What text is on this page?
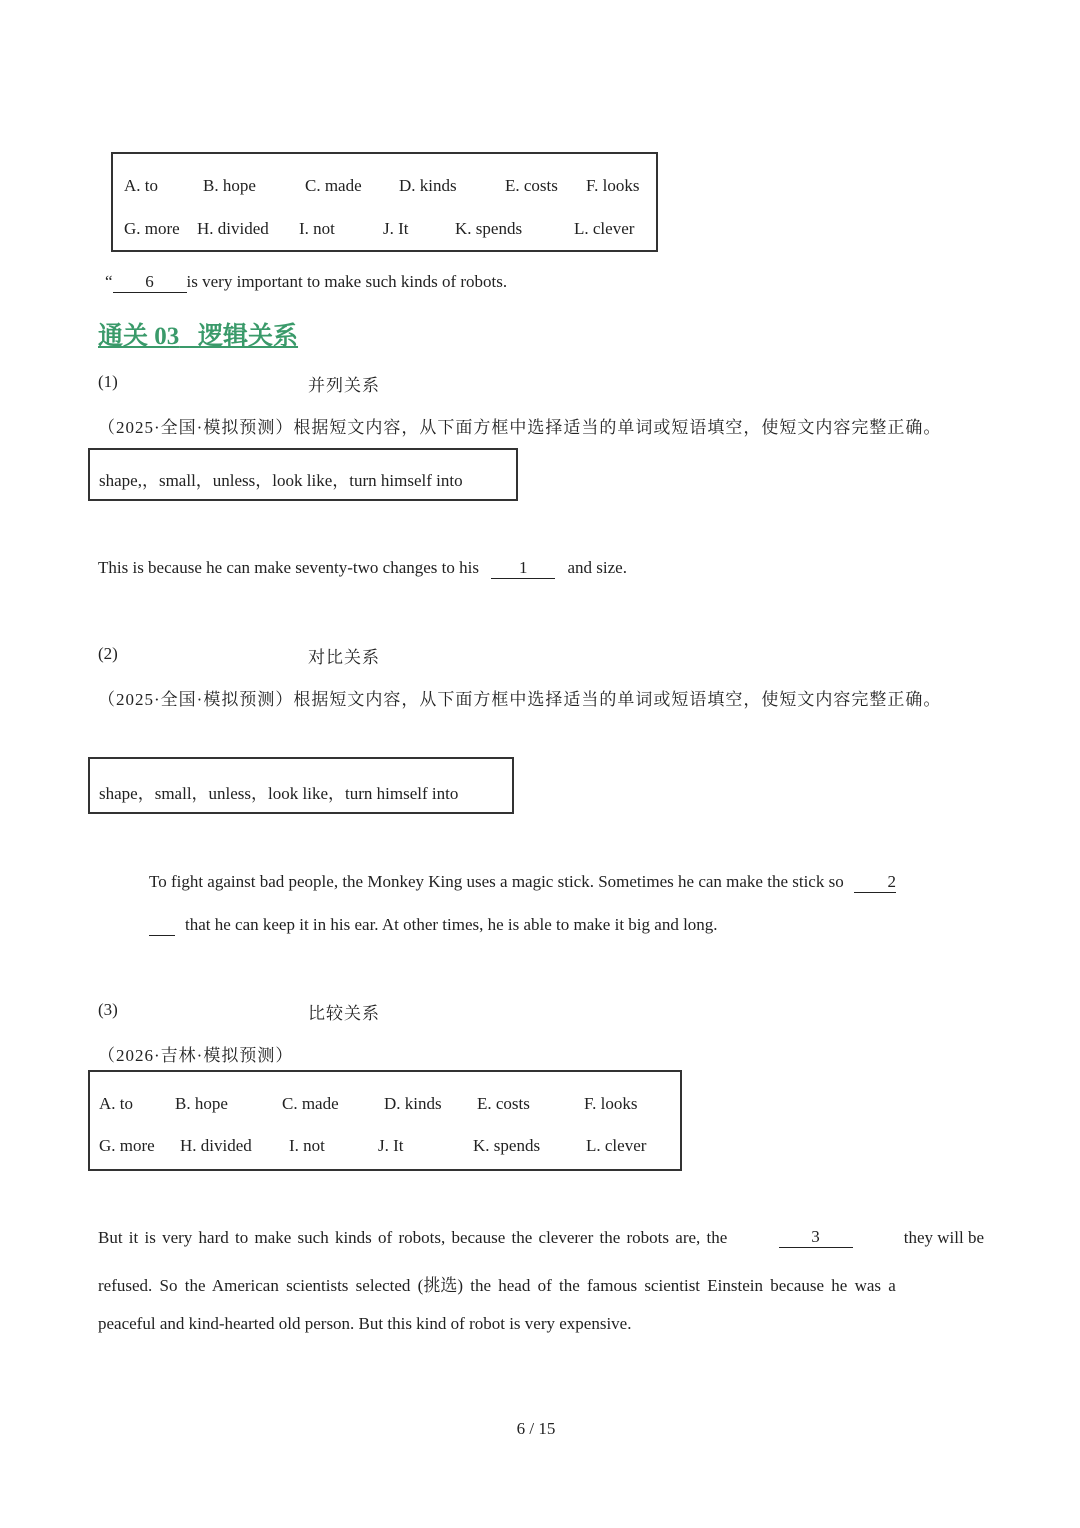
A. to	B. hope	C. made D. kinds	E. costs F. looks
G. more H. divided I. not	J. It	K. spends	L. clever
“ 6 is very important to make such kinds of robots.
通关 03 逻辑关系
(1)	并列关系
（2025·全国·模拟预测）根据短文内容，从下面方框中选择适当的单词或短语填空，使短文内容完整正确。
shape,，small，unless，look like，turn himself into
This is because he can make seventy-two changes to his 1 and size.
(2)	对比关系
（2025·全国·模拟预测）根据短文内容，从下面方框中选择适当的单词或短语填空，使短文内容完整正确。
shape，small，unless，look like，turn himself into
To fight against bad people, the Monkey King uses a magic stick. Sometimes he can make the stick so	2
that he can keep it in his ear. At other times, he is able to make it big and long.
(3)	比较关系
（2026·吉林·模拟预测）
A. to B. hope	C. made	D. kinds E. costs	F. looks
G. more H. divided I. not	J. It	K. spends	L. clever
But it is very hard to make such kinds of robots, because the cleverer the robots are, the	3	they will be
refused. So the American scientists selected (挑选) the head of the famous scientist Einstein because he was a
peaceful and kind-hearted old person. But this kind of robot is very expensive.
6 / 15
